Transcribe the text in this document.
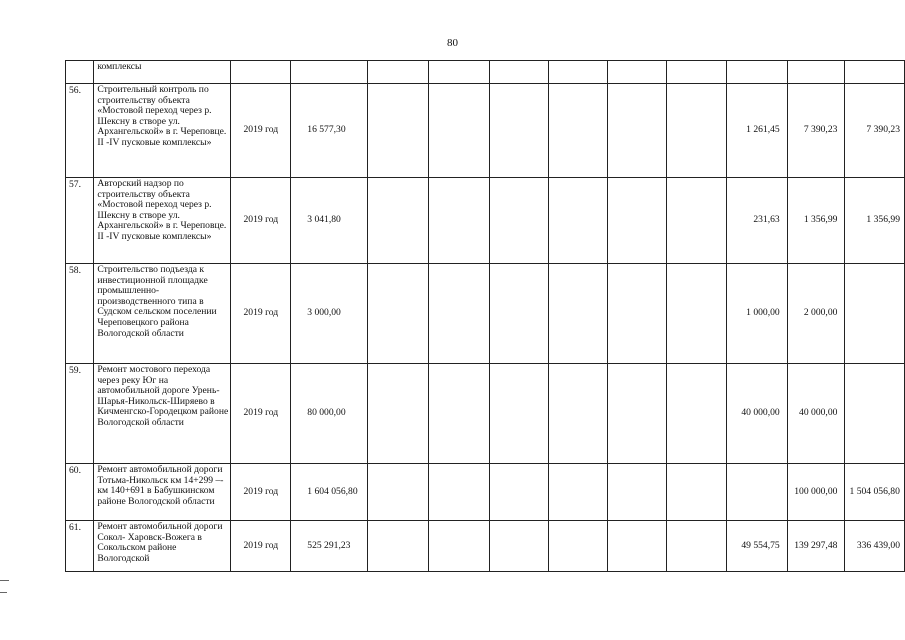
80
	комплексы											
56.	Строительный контроль по строительству объекта «Мостовой переход через р. Шексну в створе ул. Архангельской» в г. Череповце. II -IV пусковые комплексы»	2019 год	16 577,30							1 261,45	7 390,23	7 390,23
57.	Авторский надзор по строительству объекта «Мостовой переход через р. Шексну в створе ул. Архангельской» в г. Череповце. II -IV пусковые комплексы»	2019 год	3 041,80							231,63	1 356,99	1 356,99
58.	Строительство подъезда к инвестиционной площадке промышленно-производственного типа в Судском сельском поселении Череповецкого района Вологодской области	2019 год	3 000,00							1 000,00	2 000,00	
59.	Ремонт мостового перехода через реку Юг на автомобильной дороге Урень-Шарья-Никольск-Ширяево в Кичменгско-Городецком районе Вологодской области	2019 год	80 000,00							40 000,00	40 000,00	
60.	Ремонт автомобильной дороги Тотьма-Никольск км 14+299 –- км 140+691 в Бабушкинском районе Вологодской области	2019 год	1 604 056,80								100 000,00	1 504 056,80
61.	Ремонт автомобильной дороги Сокол- Харовск-Вожега в Сокольском районе Вологодской	2019 год	525 291,23							49 554,75	139 297,48	336 439,00
